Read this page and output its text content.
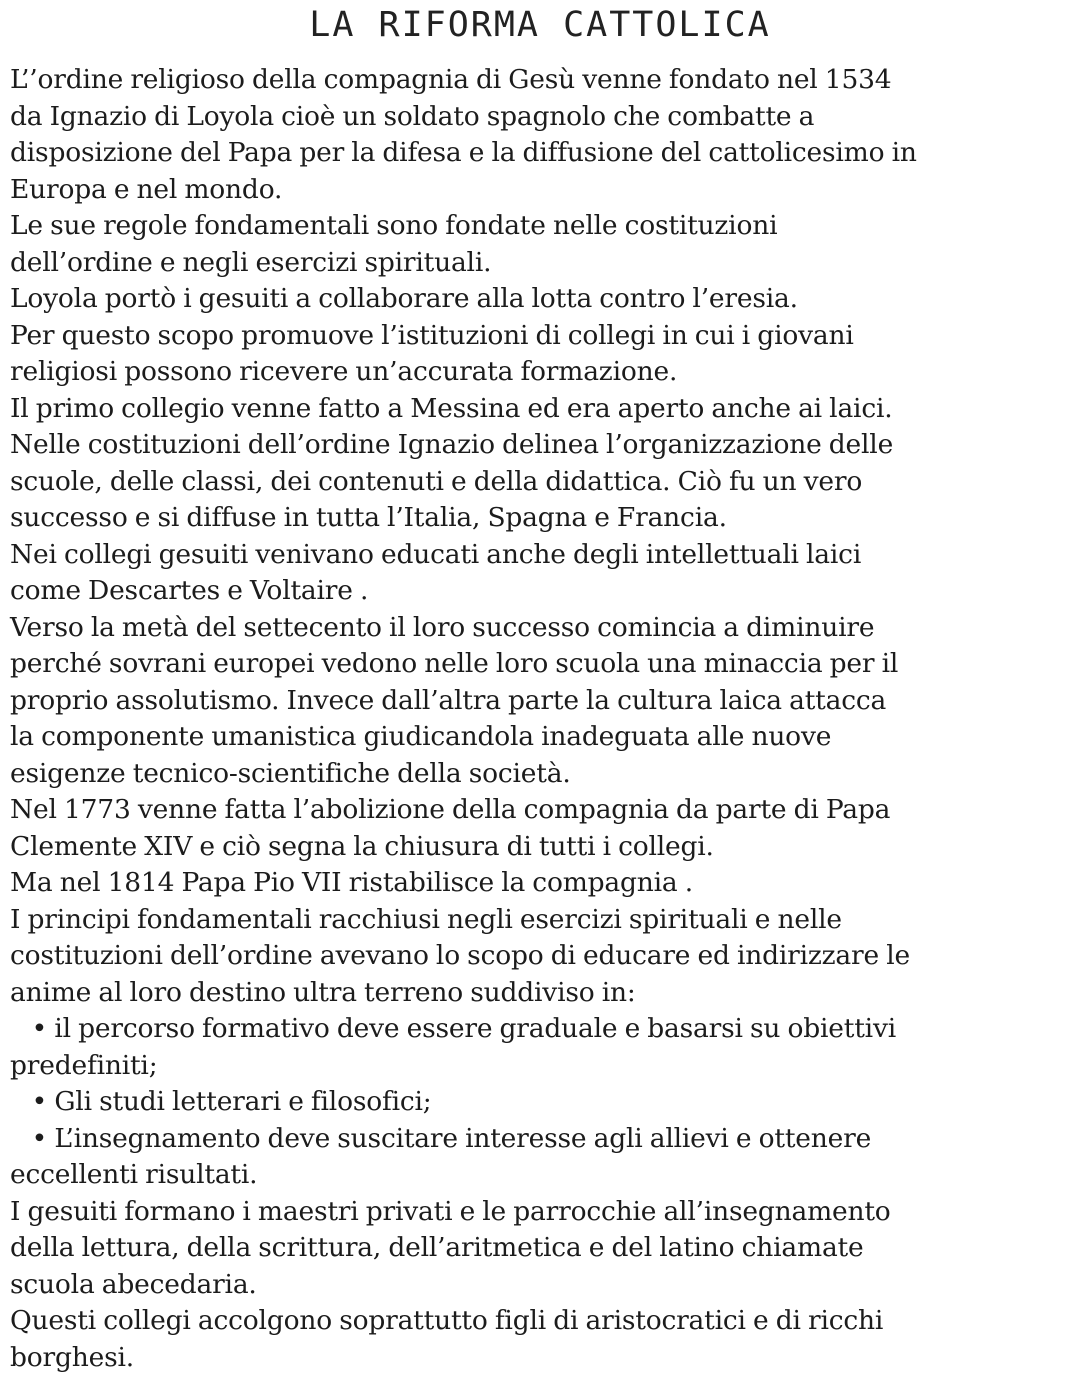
LA RIFORMA CATTOLICA
L’’ordine religioso della compagnia di Gesù venne fondato nel 1534
da Ignazio di Loyola cioè un soldato spagnolo che combatte a
disposizione del Papa per la difesa e la diffusione del cattolicesimo in
Europa e nel mondo.
Le sue regole fondamentali sono fondate nelle costituzioni
dell’ordine e negli esercizi spirituali.
Loyola portò i gesuiti a collaborare alla lotta contro l’eresia.
Per questo scopo promuove l’istituzioni di collegi in cui i giovani
religiosi possono ricevere un’accurata formazione.
Il primo collegio venne fatto a Messina ed era aperto anche ai laici.
Nelle costituzioni dell’ordine Ignazio delinea l’organizzazione delle
scuole, delle classi, dei contenuti e della didattica. Ciò fu un vero
successo e si diffuse in tutta l’Italia, Spagna e Francia.
Nei collegi gesuiti venivano educati anche degli intellettuali laici
come Descartes e Voltaire .
Verso la metà del settecento il loro successo comincia a diminuire
perché sovrani europei vedono nelle loro scuola una minaccia per il
proprio assolutismo. Invece dall’altra parte la cultura laica attacca
la componente umanistica giudicandola inadeguata alle nuove
esigenze tecnico-scientifiche della società.
Nel 1773 venne fatta l’abolizione della compagnia da parte di Papa
Clemente XIV e ciò segna la chiusura di tutti i collegi.
Ma nel 1814 Papa Pio VII ristabilisce la compagnia .
I principi fondamentali racchiusi negli esercizi spirituali e nelle
costituzioni dell’ordine avevano lo scopo di educare ed indirizzare le
anime al loro destino ultra terreno suddiviso in:
• il percorso formativo deve essere graduale e basarsi su obiettivi
predefiniti;
• Gli studi letterari e filosofici;
• L’insegnamento deve suscitare interesse agli allievi e ottenere
eccellenti risultati.
I gesuiti formano i maestri privati e le parrocchie all’insegnamento
della lettura, della scrittura, dell’aritmetica e del latino chiamate
scuola abecedaria.
Questi collegi accolgono soprattutto figli di aristocratici e di ricchi
borghesi.
